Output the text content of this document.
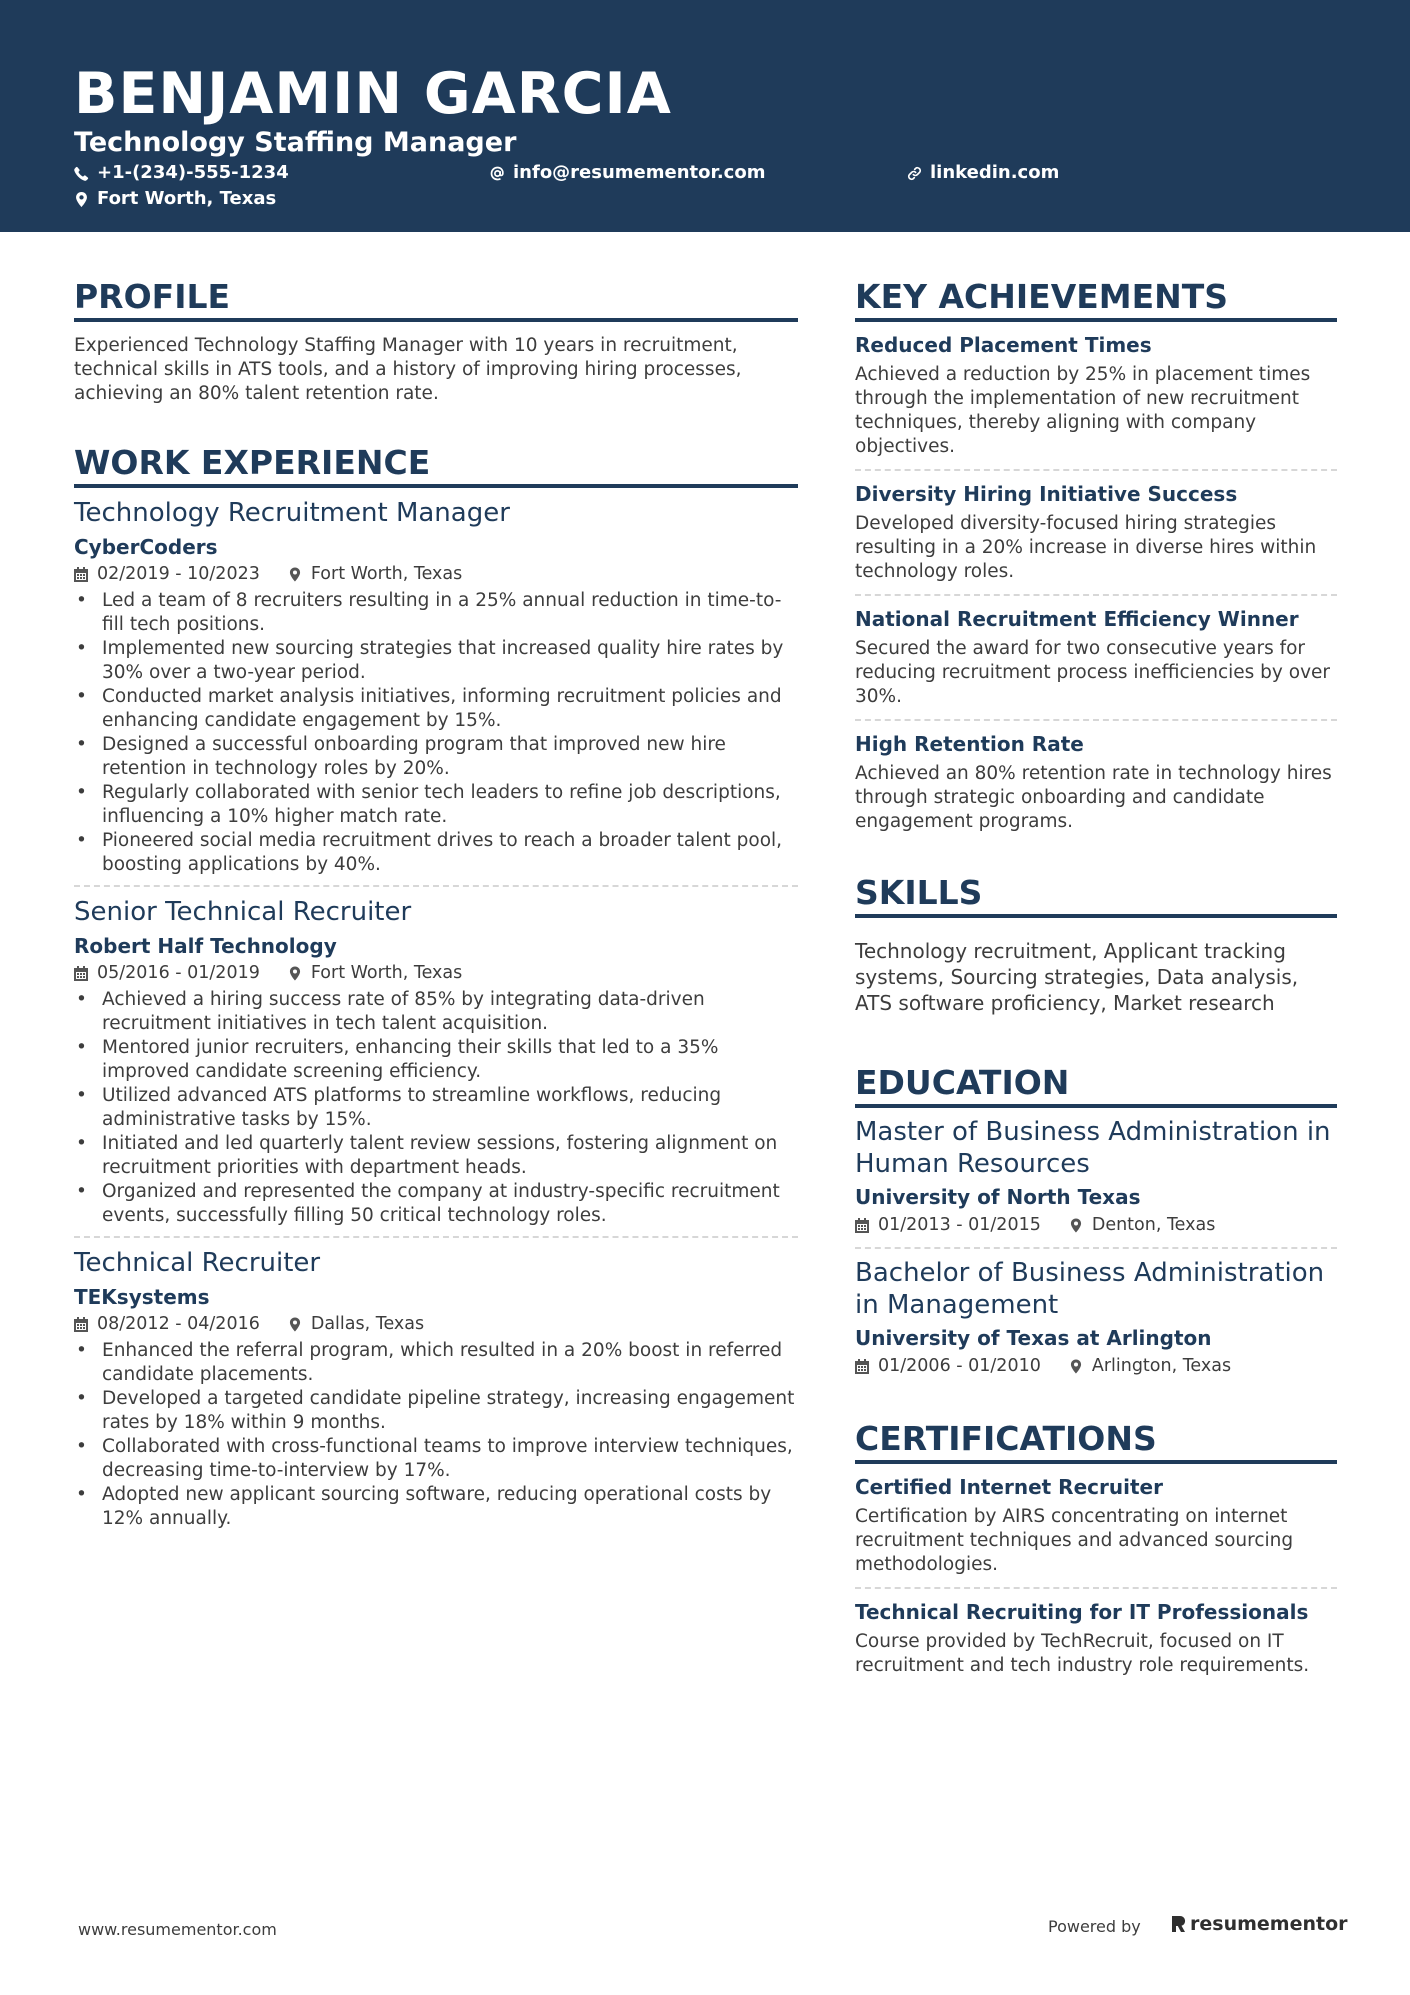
BENJAMIN GARCIA
Technology Staffing Manager
+1-(234)-555-1234	info@resumementor.com	linkedin.com
Fort Worth, Texas
PROFILE
Experienced Technology Staffing Manager with 10 years in recruitment, technical skills in ATS tools, and a history of improving hiring processes, achieving an 80% talent retention rate.
WORK EXPERIENCE
Technology Recruitment Manager
CyberCoders
02/2019 - 10/2023	Fort Worth, Texas
• Led a team of 8 recruiters resulting in a 25% annual reduction in time-to-fill tech positions.
• Implemented new sourcing strategies that increased quality hire rates by 30% over a two-year period.
• Conducted market analysis initiatives, informing recruitment policies and enhancing candidate engagement by 15%.
• Designed a successful onboarding program that improved new hire retention in technology roles by 20%.
• Regularly collaborated with senior tech leaders to refine job descriptions, influencing a 10% higher match rate.
• Pioneered social media recruitment drives to reach a broader talent pool, boosting applications by 40%.
Senior Technical Recruiter
Robert Half Technology
05/2016 - 01/2019	Fort Worth, Texas
• Achieved a hiring success rate of 85% by integrating data-driven recruitment initiatives in tech talent acquisition.
• Mentored junior recruiters, enhancing their skills that led to a 35% improved candidate screening efficiency.
• Utilized advanced ATS platforms to streamline workflows, reducing administrative tasks by 15%.
• Initiated and led quarterly talent review sessions, fostering alignment on recruitment priorities with department heads.
• Organized and represented the company at industry-specific recruitment events, successfully filling 50 critical technology roles.
Technical Recruiter
TEKsystems
08/2012 - 04/2016	Dallas, Texas
• Enhanced the referral program, which resulted in a 20% boost in referred candidate placements.
• Developed a targeted candidate pipeline strategy, increasing engagement rates by 18% within 9 months.
• Collaborated with cross-functional teams to improve interview techniques, decreasing time-to-interview by 17%.
• Adopted new applicant sourcing software, reducing operational costs by 12% annually.
KEY ACHIEVEMENTS
Reduced Placement Times
Achieved a reduction by 25% in placement times through the implementation of new recruitment techniques, thereby aligning with company objectives.
Diversity Hiring Initiative Success
Developed diversity-focused hiring strategies resulting in a 20% increase in diverse hires within technology roles.
National Recruitment Efficiency Winner
Secured the award for two consecutive years for reducing recruitment process inefficiencies by over 30%.
High Retention Rate
Achieved an 80% retention rate in technology hires through strategic onboarding and candidate engagement programs.
SKILLS
Technology recruitment, Applicant tracking systems, Sourcing strategies, Data analysis, ATS software proficiency, Market research
EDUCATION
Master of Business Administration in Human Resources
University of North Texas
01/2013 - 01/2015	Denton, Texas
Bachelor of Business Administration in Management
University of Texas at Arlington
01/2006 - 01/2010	Arlington, Texas
CERTIFICATIONS
Certified Internet Recruiter
Certification by AIRS concentrating on internet recruitment techniques and advanced sourcing methodologies.
Technical Recruiting for IT Professionals
Course provided by TechRecruit, focused on IT recruitment and tech industry role requirements.
www.resumementor.com	Powered by	resumementor
